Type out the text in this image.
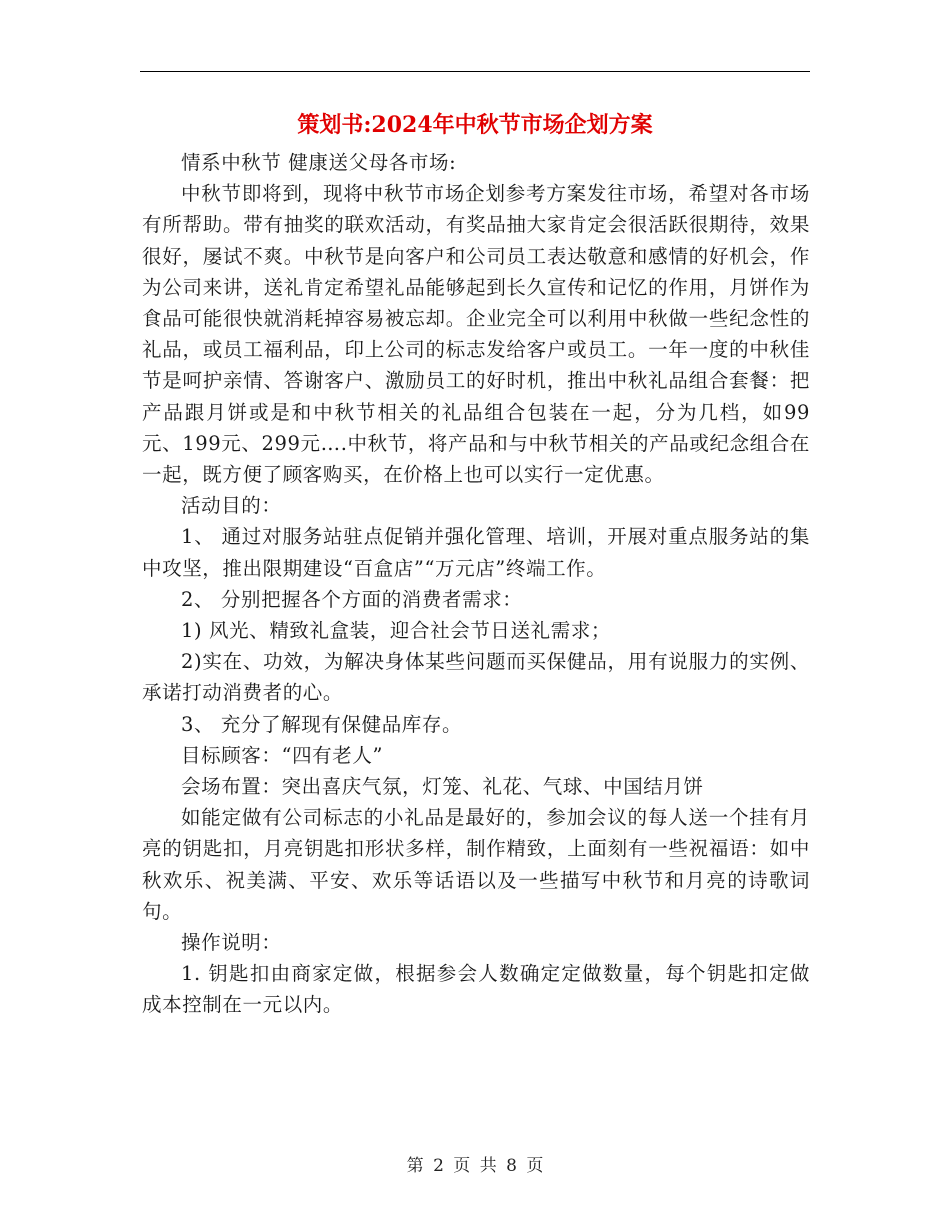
策划书:2024年中秋节市场企划方案

情系中秋节 健康送父母各市场:

中秋节即将到，现将中秋节市场企划参考方案发往市场，希望对各市场有所帮助。带有抽奖的联欢活动，有奖品抽大家肯定会很活跃很期待，效果很好，屡试不爽。中秋节是向客户和公司员工表达敬意和感情的好机会，作为公司来讲，送礼肯定希望礼品能够起到长久宣传和记忆的作用，月饼作为食品可能很快就消耗掉容易被忘却。企业完全可以利用中秋做一些纪念性的礼品，或员工福利品，印上公司的标志发给客户或员工。一年一度的中秋佳节是呵护亲情、答谢客户、激励员工的好时机，推出中秋礼品组合套餐：把产品跟月饼或是和中秋节相关的礼品组合包装在一起，分为几档，如99元、199元、299元….中秋节，将产品和与中秋节相关的产品或纪念组合在一起，既方便了顾客购买，在价格上也可以实行一定优惠。

活动目的：

1、 通过对服务站驻点促销并强化管理、培训，开展对重点服务站的集中攻坚，推出限期建设“百盒店”“万元店”终端工作。

2、 分别把握各个方面的消费者需求：

1) 风光、精致礼盒装，迎合社会节日送礼需求；

2)实在、功效，为解决身体某些问题而买保健品，用有说服力的实例、承诺打动消费者的心。

3、 充分了解现有保健品库存。

目标顾客：“四有老人”

会场布置：突出喜庆气氛，灯笼、礼花、气球、中国结月饼

如能定做有公司标志的小礼品是最好的，参加会议的每人送一个挂有月亮的钥匙扣，月亮钥匙扣形状多样，制作精致，上面刻有一些祝福语：如中秋欢乐、祝美满、平安、欢乐等话语以及一些描写中秋节和月亮的诗歌词句。

操作说明：

1. 钥匙扣由商家定做，根据参会人数确定定做数量，每个钥匙扣定做成本控制在一元以内。

第 2 页 共 8 页
